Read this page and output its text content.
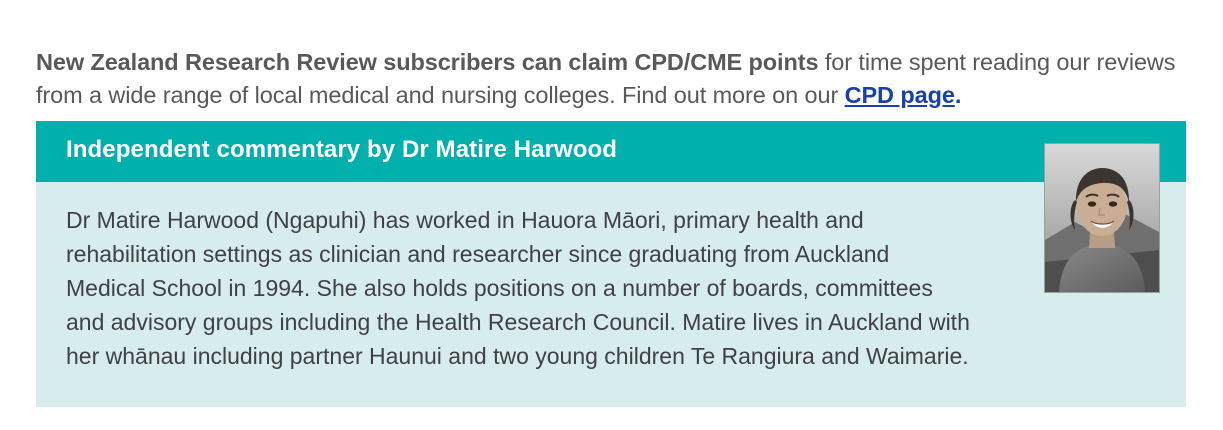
New Zealand Research Review subscribers can claim CPD/CME points for time spent reading our reviews from a wide range of local medical and nursing colleges. Find out more on our CPD page.

Independent commentary by Dr Matire Harwood
Dr Matire Harwood (Ngapuhi) has worked in Hauora Māori, primary health and
rehabilitation settings as clinician and researcher since graduating from Auckland
Medical School in 1994. She also holds positions on a number of boards, committees
and advisory groups including the Health Research Council. Matire lives in Auckland with
her whānau including partner Haunui and two young children Te Rangiura and Waimarie.
